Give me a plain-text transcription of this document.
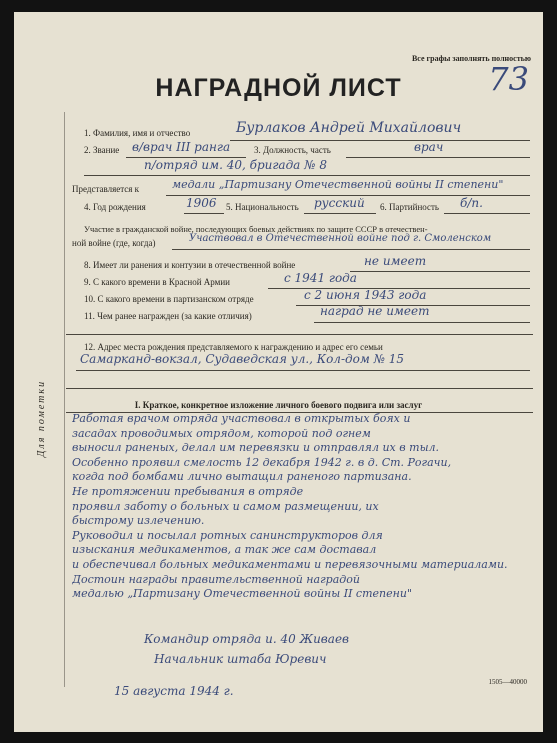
Все графы заполнять полностью
73
НАГРАДНОЙ ЛИСТ
Для пометки
1. Фамилия, имя и отчество	Бурлаков Андрей Михайлович
2. Звание в/врач III ранга	3. Должность, часть	врач
п/отряд им. 40, бригада № 8
Представляется к	медали „Партизану Отечественной войны II степени"
4. Год рождения	1906 5. Национальность русский 6. Партийность б/п.
Участие в гражданской войне, последующих боевых действиях по защите СССР в отечествен-
ной войне (где, когда)	Участвовал в Отечественной войне под г. Смоленском
8. Имеет ли ранения и контузии в отечественной войне	не имеет
9. С какого времени в Красной Армии	с 1941 года
10. С какого времени в партизанском отряде	с 2 июня 1943 года
11. Чем ранее награжден (за какие отличия)	наград не имеет
12. Адрес места рождения представляемого к награждению и адрес его семьи
Самарканд-вокзал, Судаведская ул., Кол-дом № 15
I. Краткое, конкретное изложение личного боевого подвига или заслуг
Работая врачом отряда участвовал в открытых боях и
засадах проводимых отрядом, которой под огнем
выносил раненых, делал им перевязки и отправлял их в тыл.
Особенно проявил смелость 12 декабря 1942 г. в д. Ст. Рогачи,
когда под бомбами лично вытащил раненого партизана.
Не протяжении пребывания в отряде
проявил заботу о больных и самом размещении, их
быстрому излечению.
Руководил и посылал ротных санинструкторов для
изыскания медикаментов, а так же сам доставал
и обеспечивал больных медикаментами и перевязочными материалами.
Достоин награды правительственной наградой
медалью „Партизану Отечественной войны II степени"
Командир отряда и. 40 Живаев
Начальник штаба Юревич
15 августа 1944 г.
1505—40000
